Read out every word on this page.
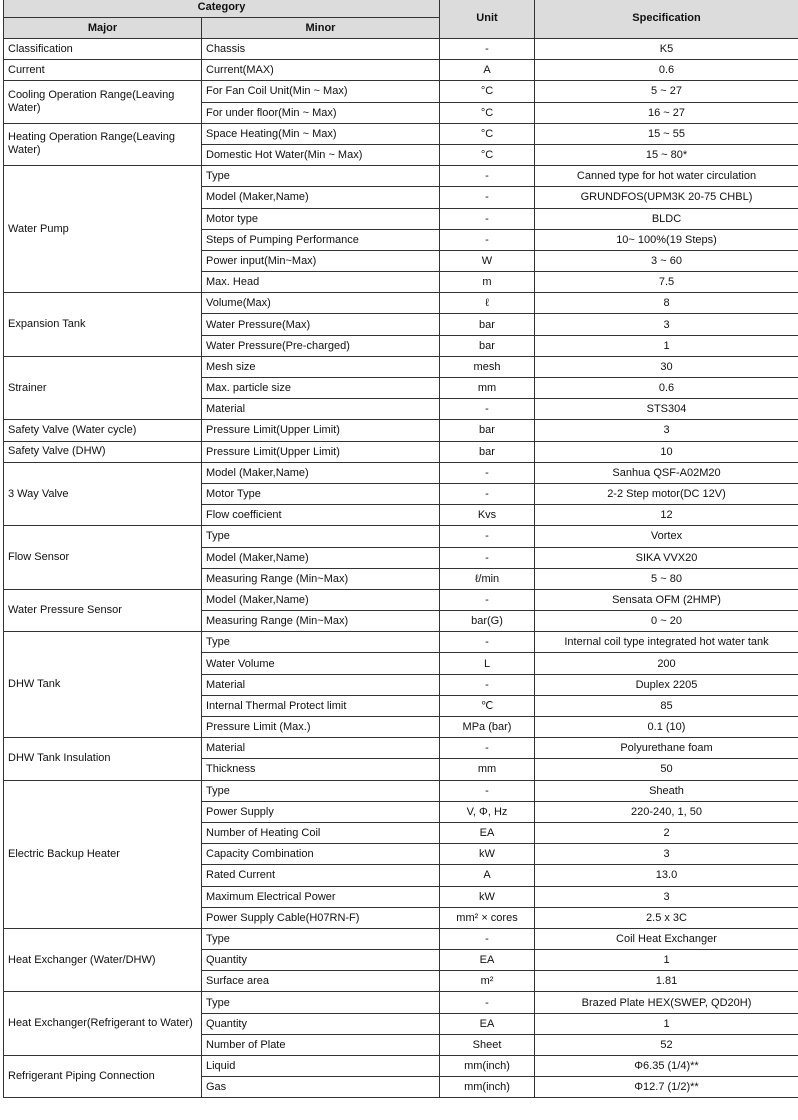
Category		Unit	Specification
Major	Minor		
Classification	Chassis	-	K5
Current	Current(MAX)	A	0.6
Cooling Operation Range(Leaving Water)	For Fan Coil Unit(Min ~ Max)	°C	5 ~ 27
	For under floor(Min ~ Max)	°C	16 ~ 27
Heating Operation Range(Leaving Water)	Space Heating(Min ~ Max)	°C	15 ~ 55
	Domestic Hot Water(Min ~ Max)	°C	15 ~ 80*
Water Pump	Type	-	Canned type for hot water circulation
	Model (Maker,Name)	-	GRUNDFOS(UPM3K 20-75 CHBL)
	Motor type	-	BLDC
	Steps of Pumping Performance	-	10~ 100%(19 Steps)
	Power input(Min~Max)	W	3 ~ 60
	Max. Head	m	7.5
Expansion Tank	Volume(Max)	ℓ	8
	Water Pressure(Max)	bar	3
	Water Pressure(Pre-charged)	bar	1
Strainer	Mesh size	mesh	30
	Max. particle size	mm	0.6
	Material	-	STS304
Safety Valve (Water cycle)	Pressure Limit(Upper Limit)	bar	3
Safety Valve (DHW)	Pressure Limit(Upper Limit)	bar	10
3 Way Valve	Model (Maker,Name)	-	Sanhua QSF-A02M20
	Motor Type	-	2-2 Step motor(DC 12V)
	Flow coefficient	Kvs	12
Flow Sensor	Type	-	Vortex
	Model (Maker,Name)	-	SIKA VVX20
	Measuring Range (Min~Max)	ℓ/min	5 ~ 80
Water Pressure Sensor	Model (Maker,Name)	-	Sensata OFM (2HMP)
	Measuring Range (Min~Max)	bar(G)	0 ~ 20
DHW Tank	Type	-	Internal coil type integrated hot water tank
	Water Volume	L	200
	Material	-	Duplex 2205
	Internal Thermal Protect limit	℃	85
	Pressure Limit (Max.)	MPa (bar)	0.1 (10)
DHW Tank Insulation	Material	-	Polyurethane foam
	Thickness	mm	50
Electric Backup Heater	Type	-	Sheath
	Power Supply	V, Φ, Hz	220-240, 1, 50
	Number of Heating Coil	EA	2
	Capacity Combination	kW	3
	Rated Current	A	13.0
	Maximum Electrical Power	kW	3
	Power Supply Cable(H07RN-F)	mm² × cores	2.5 x 3C
Heat Exchanger (Water/DHW)	Type	-	Coil Heat Exchanger
	Quantity	EA	1
	Surface area	m²	1.81
Heat Exchanger(Refrigerant to Water)	Type	-	Brazed Plate HEX(SWEP, QD20H)
	Quantity	EA	1
	Number of Plate	Sheet	52
Refrigerant Piping Connection	Liquid	mm(inch)	Φ6.35 (1/4)**
	Gas	mm(inch)	Φ12.7 (1/2)**
